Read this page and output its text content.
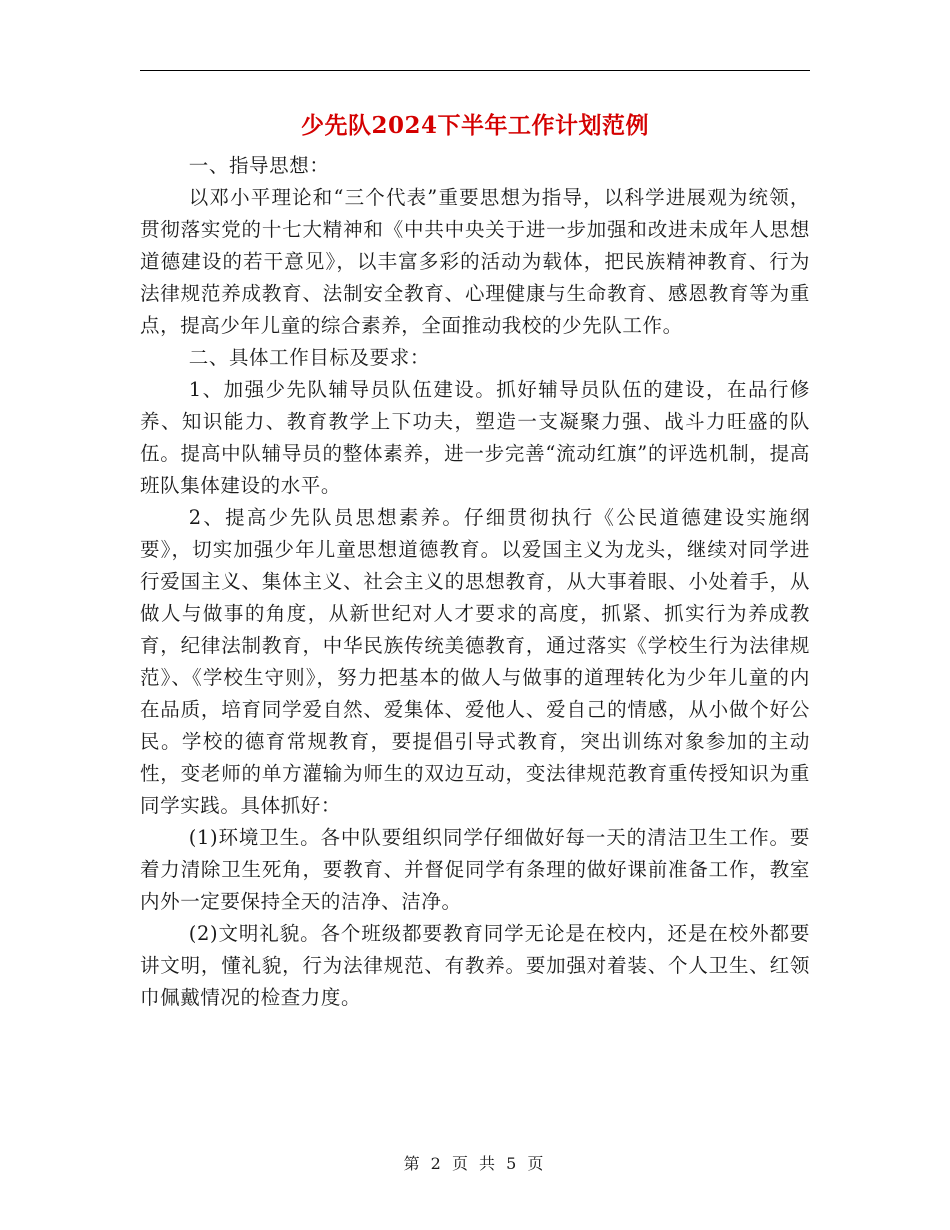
少先队2024下半年工作计划范例

一、指导思想：

以邓小平理论和“三个代表”重要思想为指导，以科学进展观为统领，贯彻落实党的十七大精神和《中共中央关于进一步加强和改进未成年人思想道德建设的若干意见》，以丰富多彩的活动为载体，把民族精神教育、行为法律规范养成教育、法制安全教育、心理健康与生命教育、感恩教育等为重点，提高少年儿童的综合素养，全面推动我校的少先队工作。

二、具体工作目标及要求：

1、加强少先队辅导员队伍建设。抓好辅导员队伍的建设，在品行修养、知识能力、教育教学上下功夫，塑造一支凝聚力强、战斗力旺盛的队伍。提高中队辅导员的整体素养，进一步完善“流动红旗”的评选机制，提高班队集体建设的水平。

2、提高少先队员思想素养。仔细贯彻执行《公民道德建设实施纲要》，切实加强少年儿童思想道德教育。以爱国主义为龙头，继续对同学进行爱国主义、集体主义、社会主义的思想教育，从大事着眼、小处着手，从做人与做事的角度，从新世纪对人才要求的高度，抓紧、抓实行为养成教育，纪律法制教育，中华民族传统美德教育，通过落实《学校生行为法律规范》、《学校生守则》，努力把基本的做人与做事的道理转化为少年儿童的内在品质，培育同学爱自然、爱集体、爱他人、爱自己的情感，从小做个好公民。学校的德育常规教育，要提倡引导式教育，突出训练对象参加的主动性，变老师的单方灌输为师生的双边互动，变法律规范教育重传授知识为重同学实践。具体抓好：

(1)环境卫生。各中队要组织同学仔细做好每一天的清洁卫生工作。要着力清除卫生死角，要教育、并督促同学有条理的做好课前准备工作，教室内外一定要保持全天的洁净、洁净。

(2)文明礼貌。各个班级都要教育同学无论是在校内，还是在校外都要讲文明，懂礼貌，行为法律规范、有教养。要加强对着装、个人卫生、红领巾佩戴情况的检查力度。

第 2 页 共 5 页
